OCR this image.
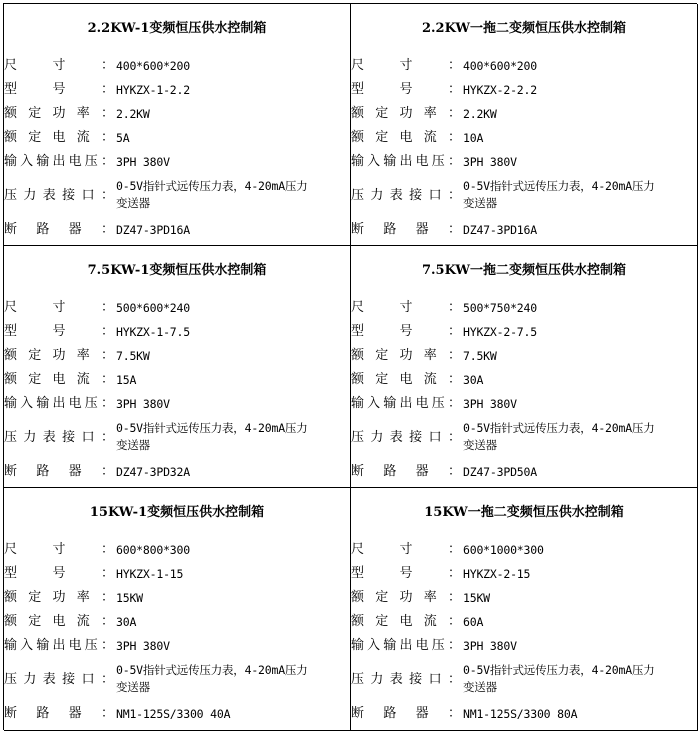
2.2KW-1变频恒压供水控制箱
尺	寸	： 400*600*200
型	号	： HYKZX-1-2.2
额 定 功 率 ： 2.2KW
额 定 电 流 ： 5A
输 入 输 出 电 压 ： 3PH 380V
压 力 表 接 口 ：
0-5V指针式远传压力表，4-20mA压力
变送器
断 路 器 ： DZ47-3PD16A
2.2KW一拖二变频恒压供水控制箱
尺	寸	： 400*600*200
型	号	： HYKZX-2-2.2
额 定 功 率 ： 2.2KW
额 定 电 流 ： 10A
输 入 输 出 电 压 ： 3PH 380V
压 力 表 接 口 ：
0-5V指针式远传压力表，4-20mA压力
变送器
断 路 器 ： DZ47-3PD16A
7.5KW-1变频恒压供水控制箱
尺	寸	： 500*600*240
型	号	： HYKZX-1-7.5
额 定 功 率 ： 7.5KW
额 定 电 流 ： 15A
输 入 输 出 电 压 ： 3PH 380V
压 力 表 接 口 ：
0-5V指针式远传压力表，4-20mA压力
变送器
断 路 器 ： DZ47-3PD32A
7.5KW一拖二变频恒压供水控制箱
尺	寸	： 500*750*240
型	号	： HYKZX-2-7.5
额 定 功 率 ： 7.5KW
额 定 电 流 ： 30A
输 入 输 出 电 压 ： 3PH 380V
压 力 表 接 口 ：
0-5V指针式远传压力表，4-20mA压力
变送器
断 路 器 ： DZ47-3PD50A
15KW-1变频恒压供水控制箱
尺	寸	： 600*800*300
型	号	： HYKZX-1-15
额 定 功 率 ： 15KW
额 定 电 流 ： 30A
输 入 输 出 电 压 ： 3PH 380V
压 力 表 接 口 ：
0-5V指针式远传压力表，4-20mA压力
变送器
断 路 器 ： NM1-125S/3300 40A
15KW一拖二变频恒压供水控制箱
尺	寸	： 600*1000*300
型	号	： HYKZX-2-15
额 定 功 率 ： 15KW
额 定 电 流 ： 60A
输 入 输 出 电 压 ： 3PH 380V
压 力 表 接 口 ：
0-5V指针式远传压力表，4-20mA压力
变送器
断 路 器 ： NM1-125S/3300 80A
